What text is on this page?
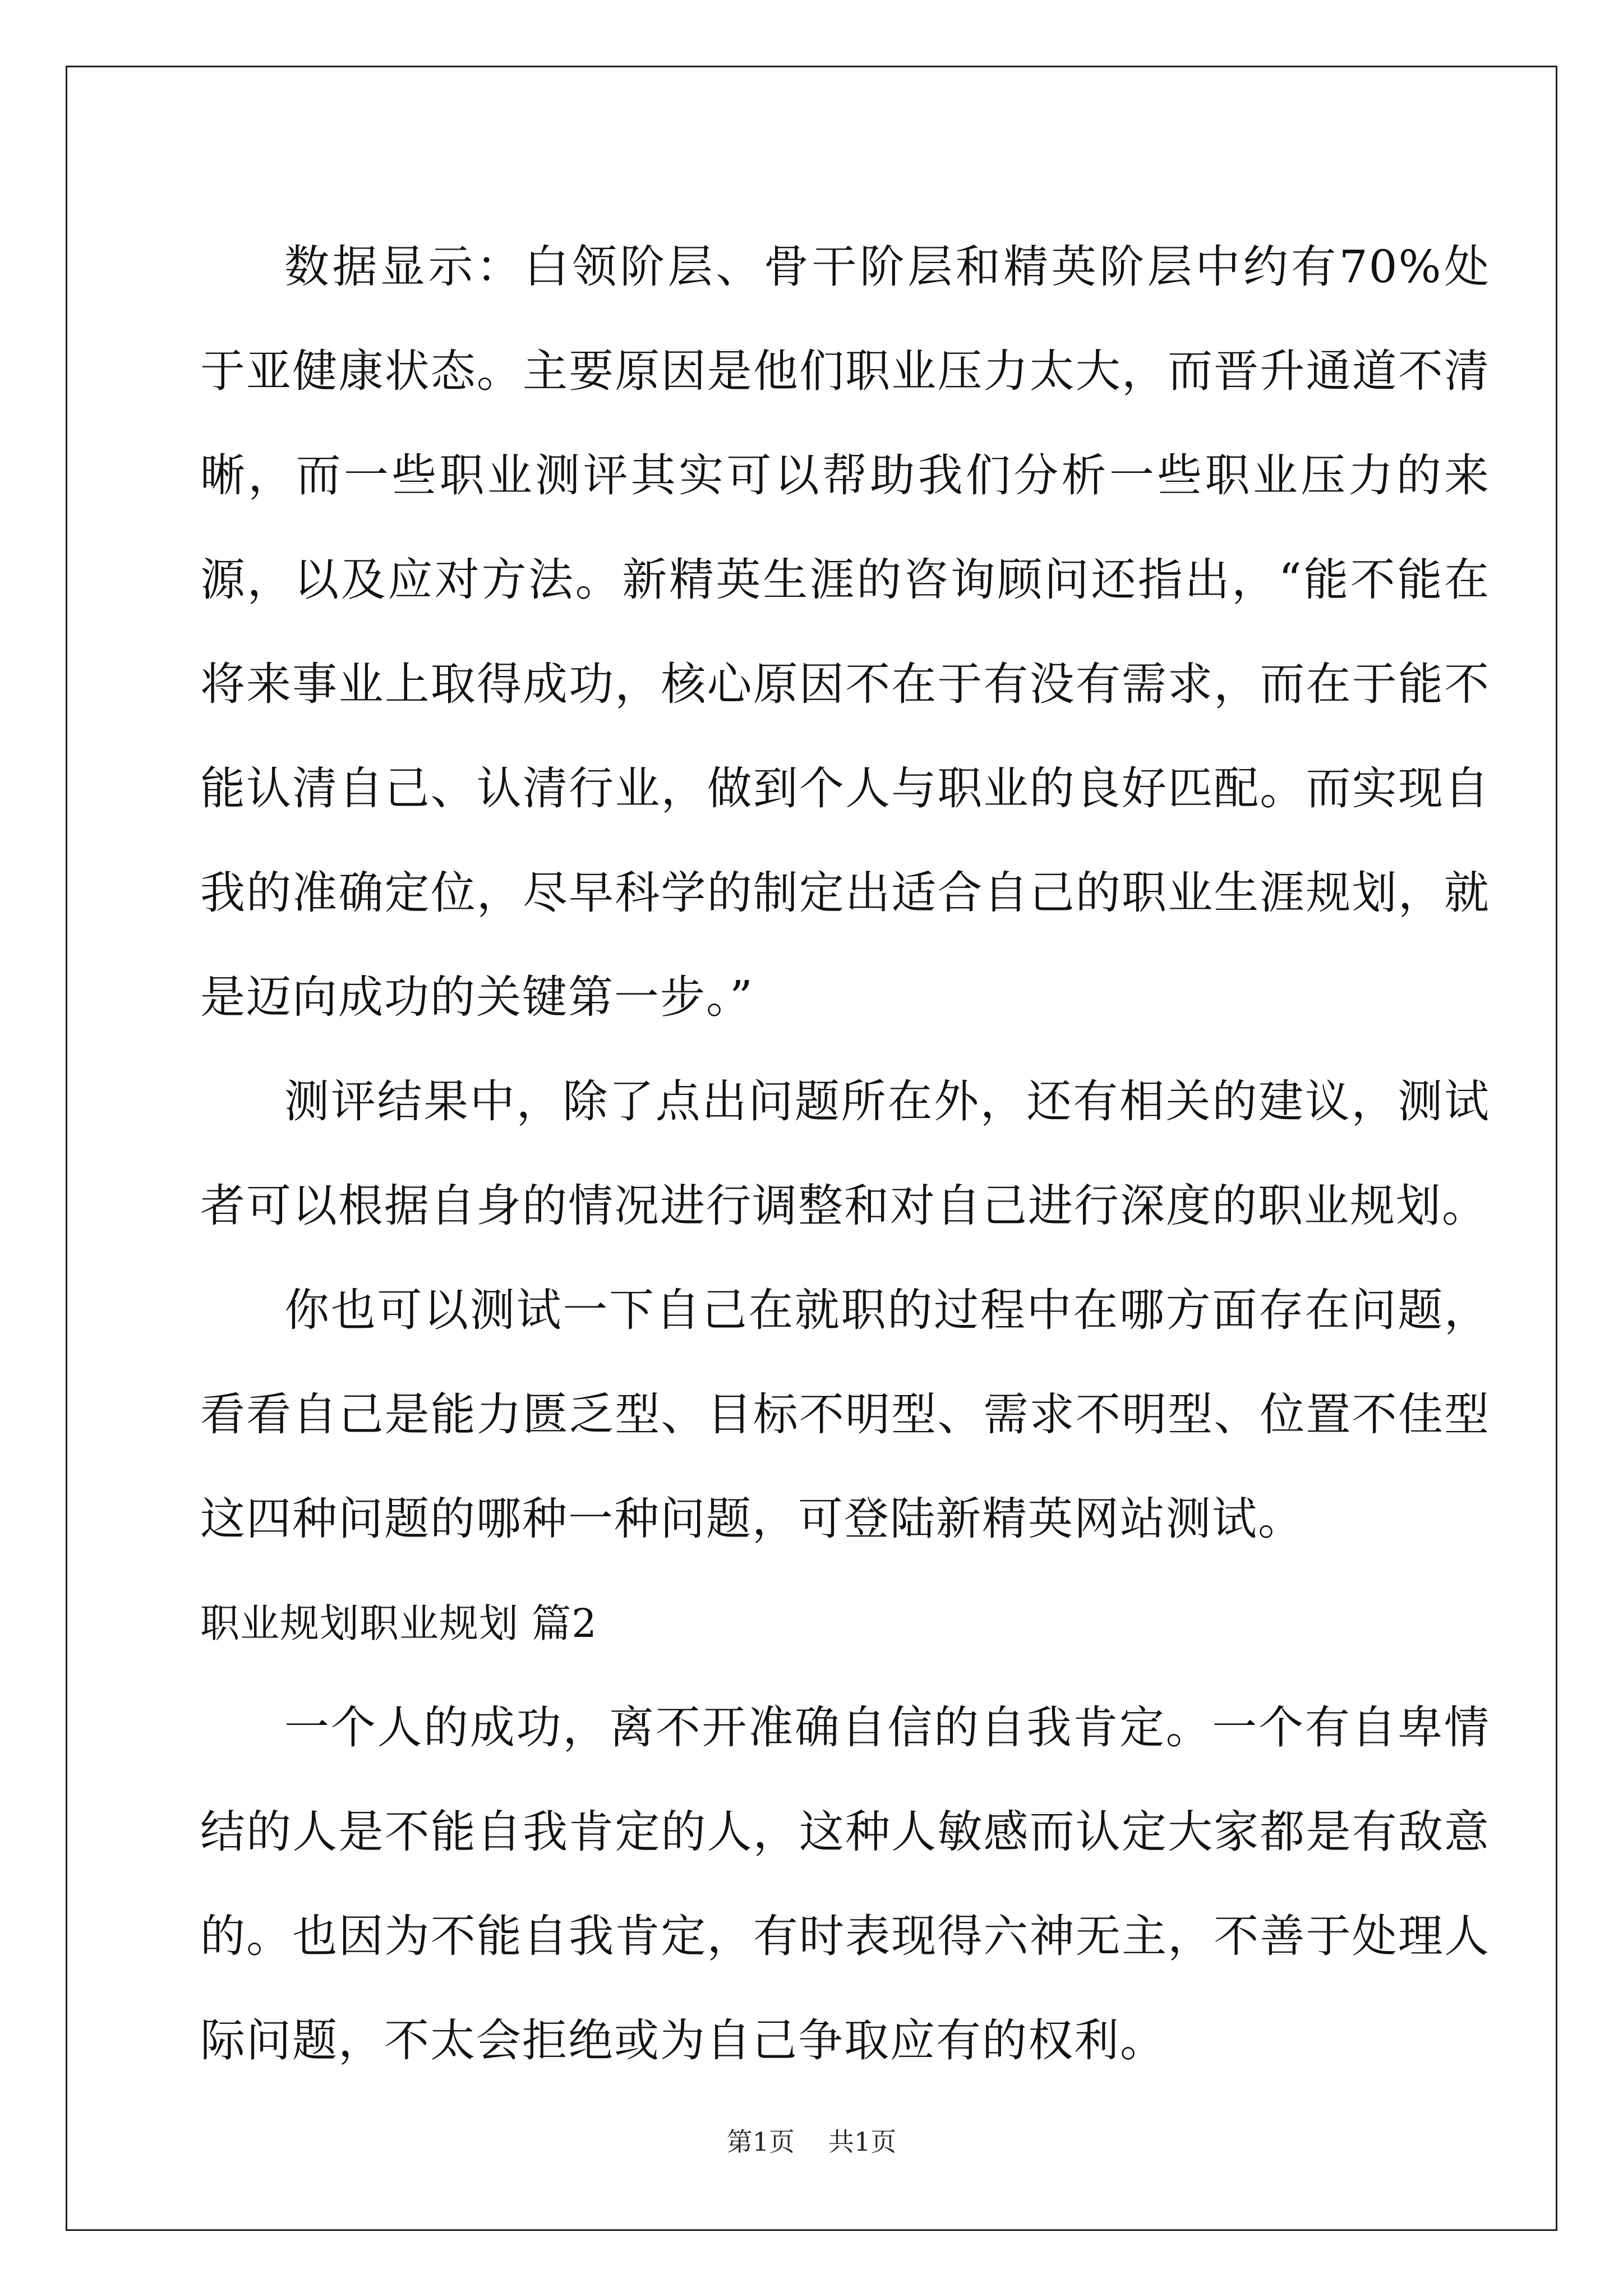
数据显示：白领阶层、骨干阶层和精英阶层中约有70%处于亚健康状态。主要原因是他们职业压力太大，而晋升通道不清晰，而一些职业测评其实可以帮助我们分析一些职业压力的来源，以及应对方法。新精英生涯的咨询顾问还指出，“能不能在将来事业上取得成功，核心原因不在于有没有需求，而在于能不能认清自己、认清行业，做到个人与职业的良好匹配。而实现自我的准确定位，尽早科学的制定出适合自己的职业生涯规划，就是迈向成功的关键第一步。”

测评结果中，除了点出问题所在外，还有相关的建议，测试者可以根据自身的情况进行调整和对自己进行深度的职业规划。

你也可以测试一下自己在就职的过程中在哪方面存在问题，看看自己是能力匮乏型、目标不明型、需求不明型、位置不佳型这四种问题的哪种一种问题，可登陆新精英网站测试。

职业规划职业规划 篇2

一个人的成功，离不开准确自信的自我肯定。一个有自卑情结的人是不能自我肯定的人，这种人敏感而认定大家都是有敌意的。也因为不能自我肯定，有时表现得六神无主，不善于处理人际问题，不太会拒绝或为自己争取应有的权利。

第1页 共1页
